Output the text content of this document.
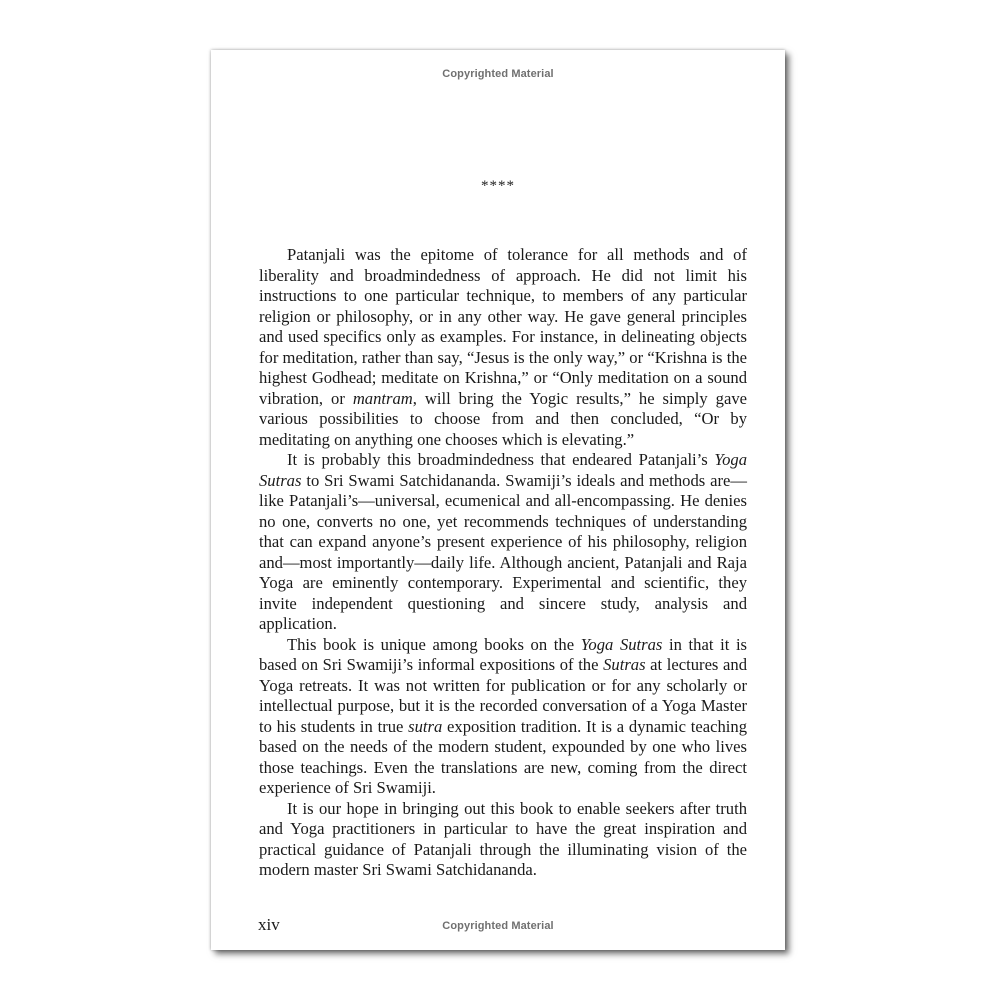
Copyrighted Material
****

Patanjali was the epitome of tolerance for all methods and of liberality and broadmindedness of approach. He did not limit his instructions to one particular technique, to members of any particular religion or philosophy, or in any other way. He gave general principles and used specifics only as examples. For instance, in delineating objects for meditation, rather than say, “Jesus is the only way,” or “Krishna is the highest Godhead; meditate on Krishna,” or “Only meditation on a sound vibration, or mantram, will bring the Yogic results,” he simply gave various possibilities to choose from and then concluded, “Or by meditating on anything one chooses which is elevating.”

It is probably this broadmindedness that endeared Patanjali’s Yoga Sutras to Sri Swami Satchidananda. Swamiji’s ideals and methods are—like Patanjali’s—universal, ecumenical and all-encompassing. He denies no one, converts no one, yet recommends techniques of understanding that can expand anyone’s present experience of his philosophy, religion and—most importantly—daily life. Although ancient, Patanjali and Raja Yoga are eminently contemporary. Experimental and scientific, they invite independent questioning and sincere study, analysis and application.

This book is unique among books on the Yoga Sutras in that it is based on Sri Swamiji’s informal expositions of the Sutras at lectures and Yoga retreats. It was not written for publication or for any scholarly or intellectual purpose, but it is the recorded conversation of a Yoga Master to his students in true sutra exposition tradition. It is a dynamic teaching based on the needs of the modern student, expounded by one who lives those teachings. Even the translations are new, coming from the direct experience of Sri Swamiji.

It is our hope in bringing out this book to enable seekers after truth and Yoga practitioners in particular to have the great inspiration and practical guidance of Patanjali through the illuminating vision of the modern master Sri Swami Satchidananda.

xiv	Copyrighted Material
